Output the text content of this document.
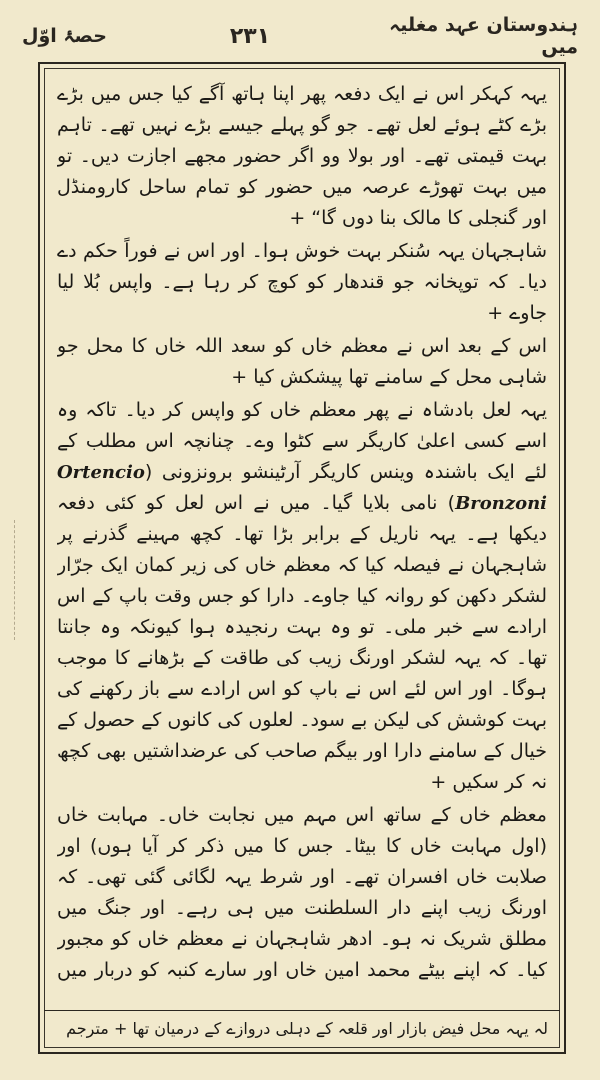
حصۂ اوّل	۲۳۱	ہندوستان عہد مغلیہ میں

یہہ کہکر اس نے ایک دفعہ پھر اپنا ہاتھ آگے کیا جس میں بڑے بڑے کٹے ہوئے لعل تھے۔ جو گو پہلے جیسے بڑے نہیں تھے۔ تاہم بہت قیمتی تھے۔ اور بولا وو اگر حضور مجھے اجازت دیں۔ تو میں بہت تھوڑے عرصہ میں حضور کو تمام ساحل کارومنڈل اور گنجلی کا مالک بنا دوں گا“ +

شاہجہان یہہ سُنکر بہت خوش ہوا۔ اور اس نے فوراً حکم دے دیا۔ کہ توپخانہ جو قندھار کو کوچ کر رہا ہے۔ واپس بُلا لیا جاوے +

اس کے بعد اس نے معظم خاں کو سعد اللہ خاں کا محل جو شاہی محل کے سامنے تھا پیشکش کیا +

یہہ لعل بادشاہ نے پھر معظم خاں کو واپس کر دیا۔ تاکہ وہ اسے کسی اعلیٰ کاریگر سے کٹوا وے۔ چنانچہ اس مطلب کے لئے ایک باشندہ وینس کاریگر آرٹینشو برونزونی (Ortencio Bronzoni) نامی بلایا گیا۔ میں نے اس لعل کو کئی دفعہ دیکھا ہے۔ یہہ ناریل کے برابر بڑا تھا۔ کچھ مہینے گذرنے پر شاہجہان نے فیصلہ کیا کہ معظم خاں کی زیر کمان ایک جرّار لشکر دکھن کو روانہ کیا جاوے۔ دارا کو جس وقت باپ کے اس ارادے سے خبر ملی۔ تو وہ بہت رنجیدہ ہوا کیونکہ وہ جانتا تھا۔ کہ یہہ لشکر اورنگ زیب کی طاقت کے بڑھانے کا موجب ہوگا۔ اور اس لئے اس نے باپ کو اس ارادے سے باز رکھنے کی بہت کوشش کی لیکن بے سود۔ لعلوں کی کانوں کے حصول کے خیال کے سامنے دارا اور بیگم صاحب کی عرضداشتیں بھی کچھ نہ کر سکیں +

معظم خاں کے ساتھ اس مہم میں نجابت خاں۔ مہابت خاں (اول مہابت خاں کا بیٹا۔ جس کا میں ذکر کر آیا ہوں) اور صلابت خاں افسران تھے۔ اور شرط یہہ لگائی گئی تھی۔ کہ اورنگ زیب اپنے دار السلطنت میں ہی رہے۔ اور جنگ میں مطلق شریک نہ ہو۔ ادھر شاہجہان نے معظم خاں کو مجبور کیا۔ کہ اپنے بیٹے محمد امین خاں اور سارے کنبہ کو دربار میں

لہ یہہ محل فیض بازار اور قلعہ کے دہلی دروازے کے درمیان تھا + مترجم
